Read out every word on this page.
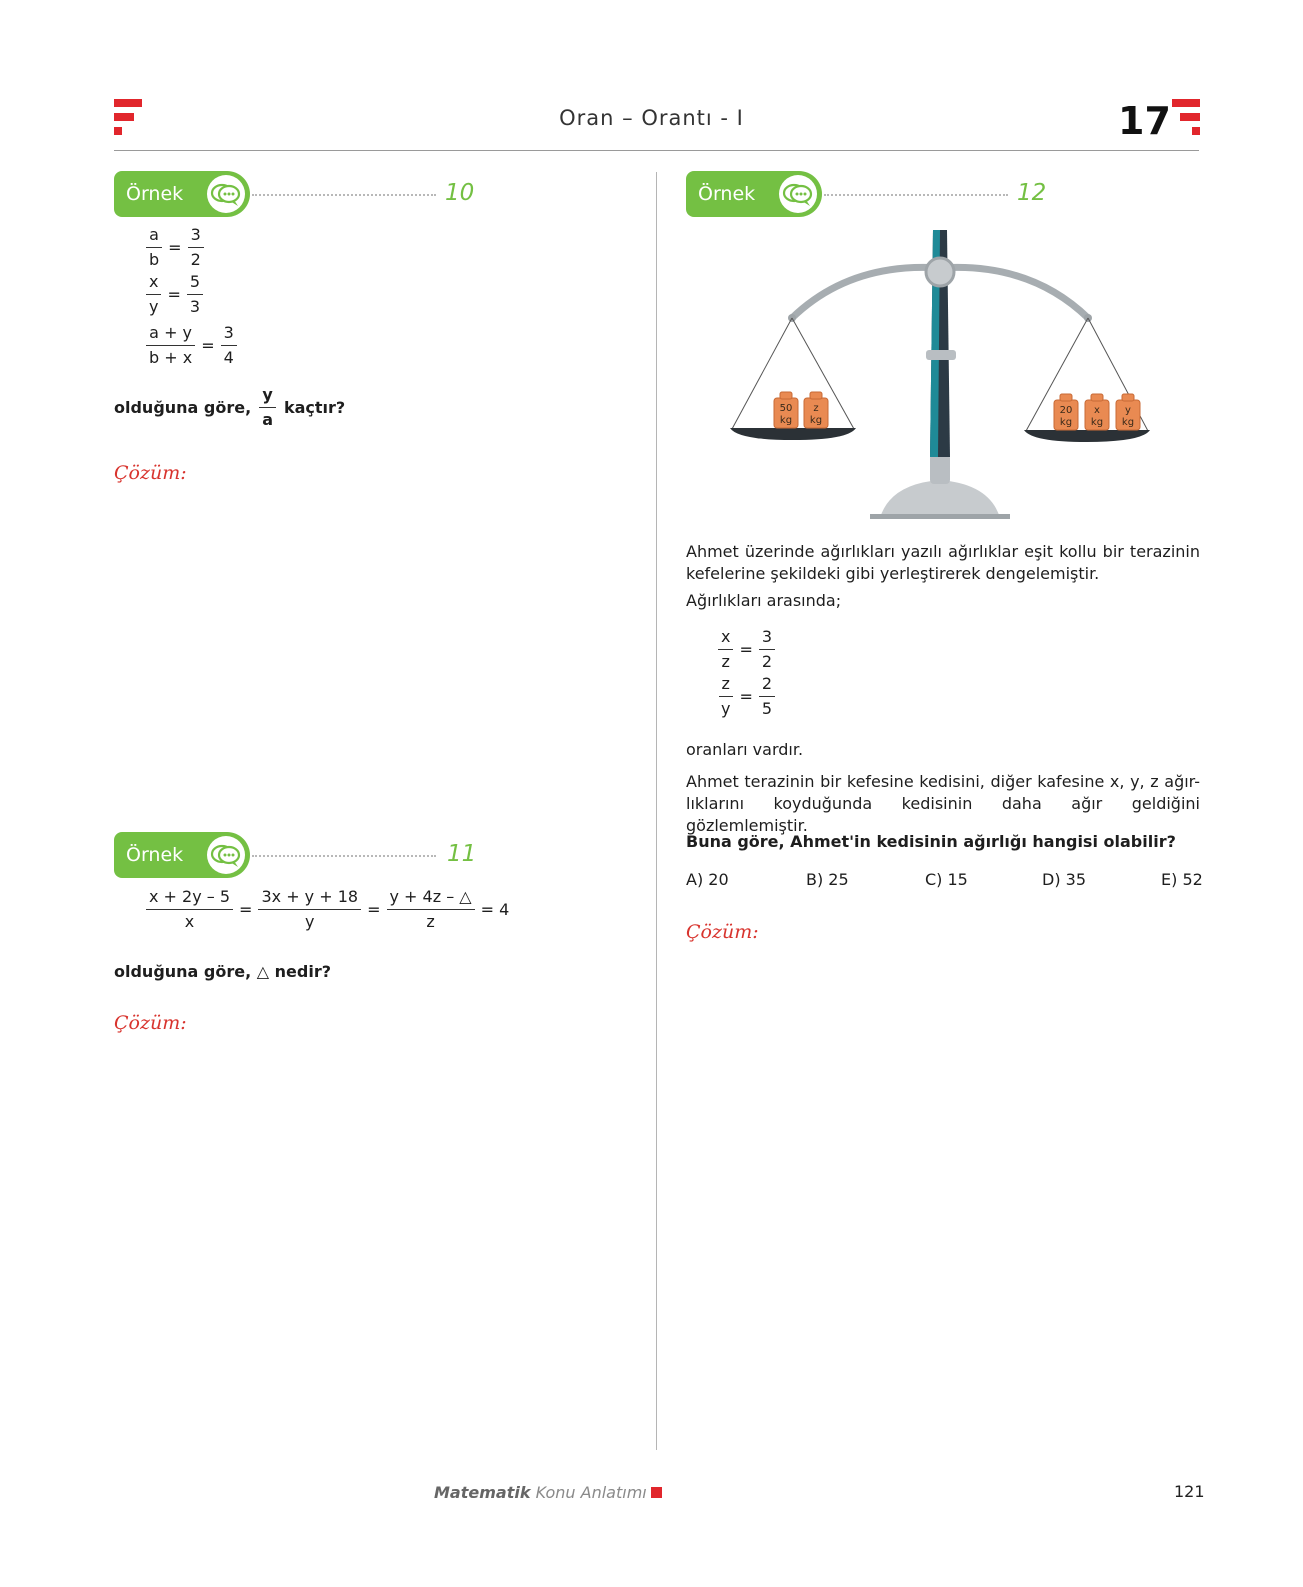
Oran – Orantı - I	17
Örnek	10
$\frac{a}{b} = \frac{3}{2}$
$\frac{x}{y} = \frac{5}{3}$
$\frac{a + y}{b + x} = \frac{3}{4}$
olduğuna göre,
y
a
kaçtır?
Çözüm:
Örnek	11
$\frac{x + 2y - 5}{x} = \frac{3x + y + 18}{y} = \frac{y + 4z - \triangle}{z} = 4$
olduğuna göre, △ nedir?
Çözüm:
Örnek	12
50
kg
z
kg
20
kg
x
kg
y
kg
Ahmet üzerinde ağırlıkları yazılı ağırlıklar eşit kollu bir terazinin kefelerine şekildeki gibi yerleştirerek dengelemiştir.
Ağırlıkları arasında;
$\frac{x}{z} = \frac{3}{2}$
$\frac{z}{y} = \frac{2}{5}$
oranları vardır.
Ahmet terazinin bir kefesine kedisini, diğer kafesine x, y, z ağır-lıklarını koyduğunda kedisinin daha ağır geldiğini gözlemlemiştir.
Buna göre, Ahmet'in kedisinin ağırlığı hangisi olabilir?
A) 20	B) 25	C) 15	D) 35	E) 52
Çözüm:
Matematik Konu Anlatımı	121
